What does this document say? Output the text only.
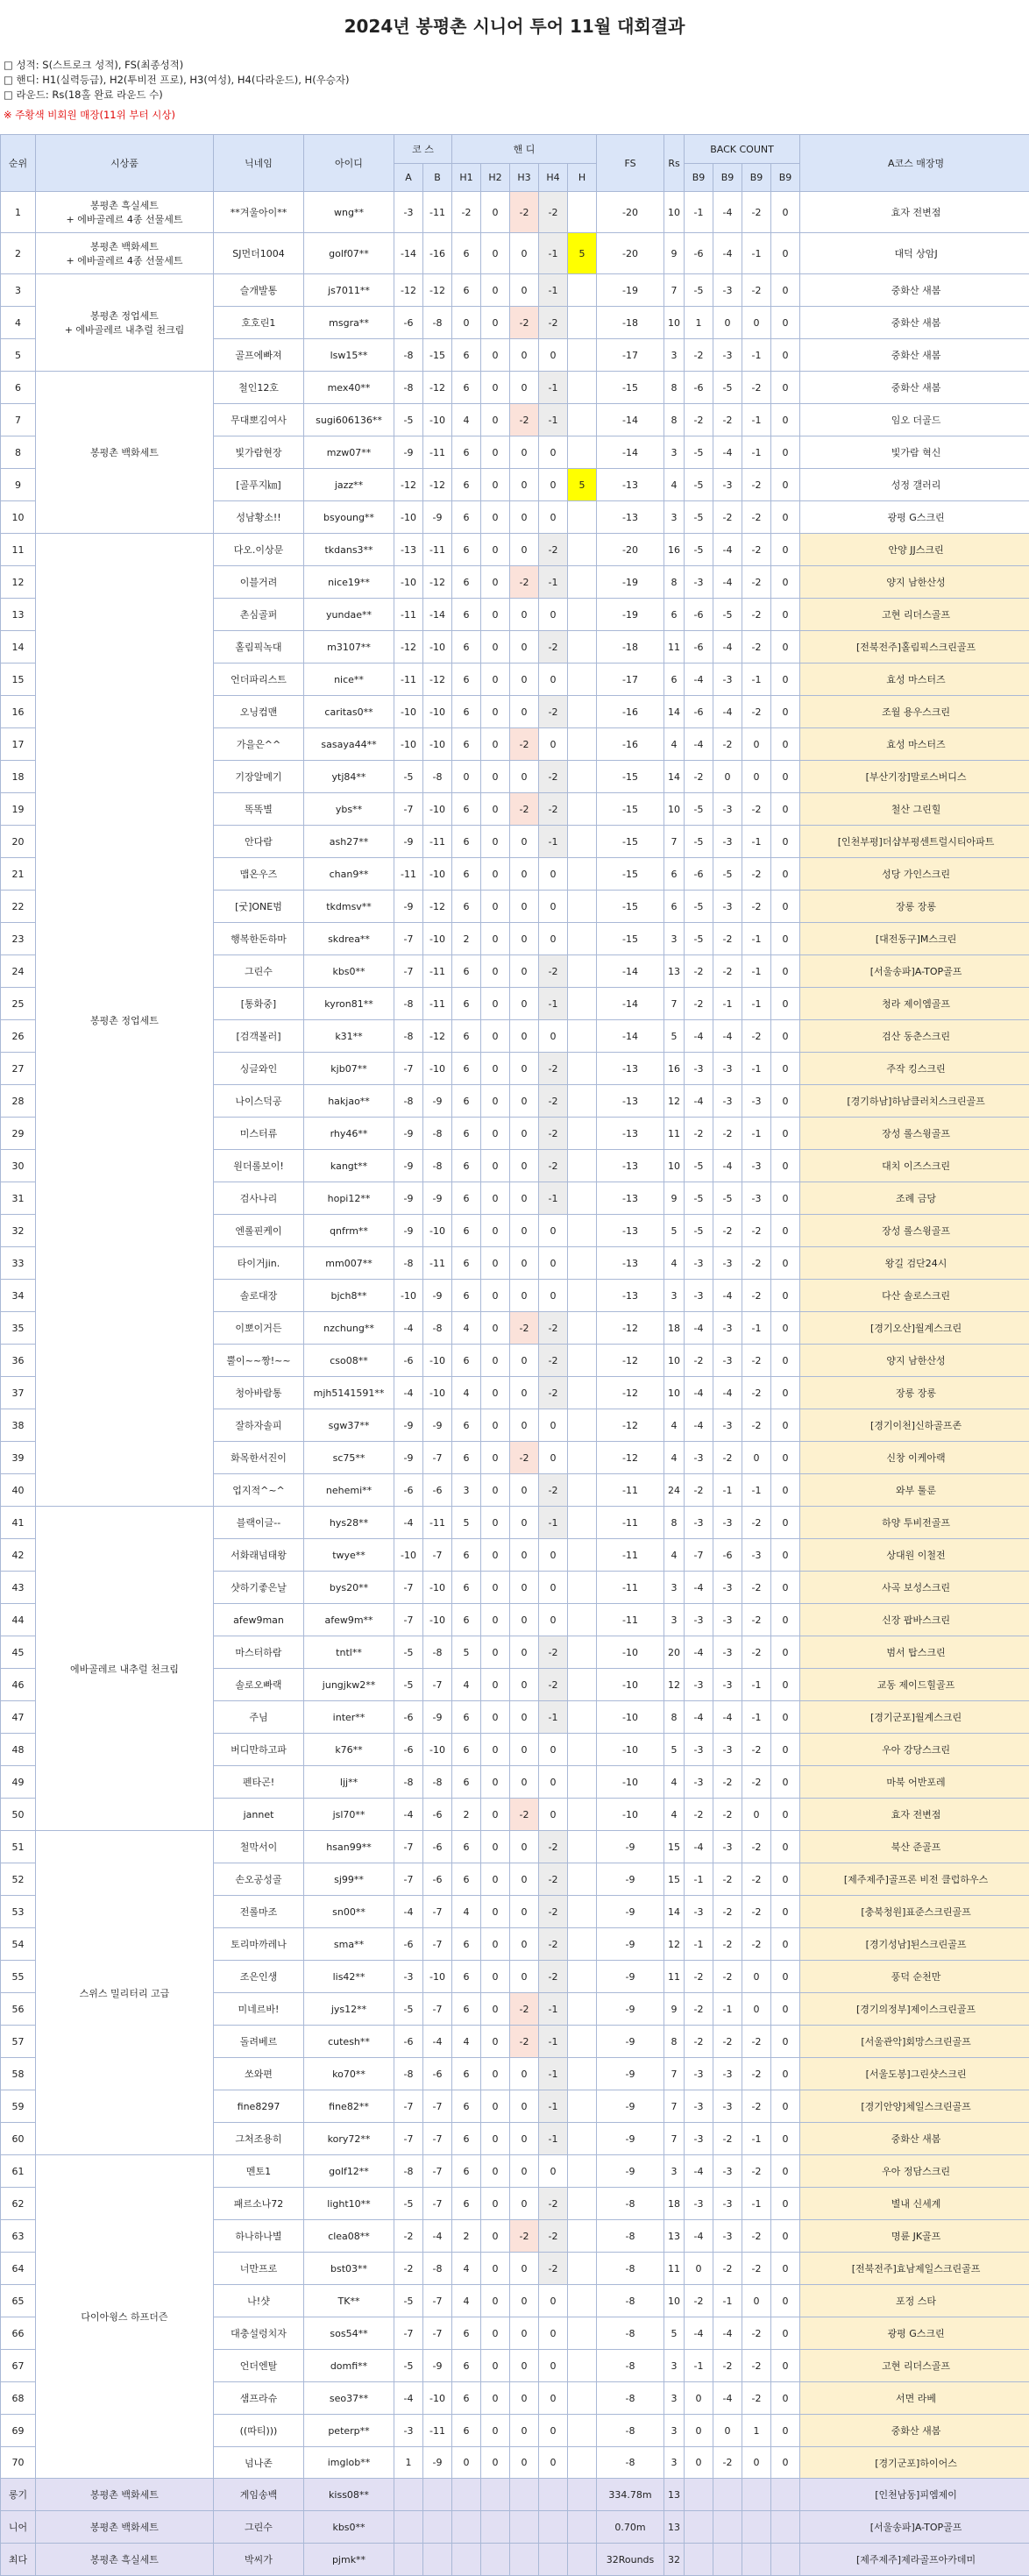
2024년 봉평촌 시니어 투어 11월 대회결과
□ 성적: S(스트로크 성적), FS(최종성적)
□ 핸디: H1(실력등급), H2(투비전 프로), H3(여성), H4(다라운드), H(우승자)
□ 라운드: Rs(18홀 완료 라운드 수)
※ 주황색 비회원 매장(11위 부터 시상)
순위	시상품	닉네임	아이디	코 스		핸 디					FS	Rs	BACK COUNT				A코스 매장명
				A	B	H1	H2	H3	H4	H			B9	B9	B9	B9	
1	봉평촌 흑실세트
+ 에바골레르 4종 선물세트	**겨울아이**	wng**	-3	-11	-2	0	-2	-2		-20	10	-1	-4	-2	0	효자 전변점
2	봉평촌 백화세트
+ 에바골레르 4종 선물세트	SJ먼더1004	golf07**	-14	-16	6	0	0	-1	5	-20	9	-6	-4	-1	0	대덕 상암J
3	봉평촌 정업세트
+ 에바골레르 내추럴 천크림	슬개발통	js7011**	-12	-12	6	0	0	-1		-19	7	-5	-3	-2	0	중화산 새봄
4		호호린1	msgra**	-6	-8	0	0	-2	-2		-18	10	1	0	0	0	중화산 새봄
5		골프에빠져	lsw15**	-8	-15	6	0	0	0		-17	3	-2	-3	-1	0	중화산 새봄
6	봉평촌 백화세트	철인12호	mex40**	-8	-12	6	0	0	-1		-15	8	-6	-5	-2	0	중화산 새봄
7		무대뽀김여사	sugi606136**	-5	-10	4	0	-2	-1		-14	8	-2	-2	-1	0	임오 더골드
8		빛가람현장	mzw07**	-9	-11	6	0	0	0		-14	3	-5	-4	-1	0	빛가람 혁신
9		[골푸지㎞]	jazz**	-12	-12	6	0	0	0	5	-13	4	-5	-3	-2	0	성정 갤러리
10		성남황소!!	bsyoung**	-10	-9	6	0	0	0		-13	3	-5	-2	-2	0	광평 G스크린
11	봉평촌 정업세트	다오.이상문	tkdans3**	-13	-11	6	0	0	-2		-20	16	-5	-4	-2	0	안양 JJ스크린
12		이블거려	nice19**	-10	-12	6	0	-2	-1		-19	8	-3	-4	-2	0	양지 남한산성
13		촌심골퍼	yundae**	-11	-14	6	0	0	0		-19	6	-6	-5	-2	0	고현 리더스골프
14		홀림픽녹대	m3107**	-12	-10	6	0	0	-2		-18	11	-6	-4	-2	0	[전북전주]홀림픽스크린골프
15		언더파리스트	nice**	-11	-12	6	0	0	0		-17	6	-4	-3	-1	0	효성 마스터즈
16		오닝컴맨	caritas0**	-10	-10	6	0	0	-2		-16	14	-6	-4	-2	0	조월 용우스크린
17		가을은^^	sasaya44**	-10	-10	6	0	-2	0		-16	4	-4	-2	0	0	효성 마스터즈
18		기장알메기	ytj84**	-5	-8	0	0	0	-2		-15	14	-2	0	0	0	[부산기장]말로스버디스
19		똑똑별	ybs**	-7	-10	6	0	-2	-2		-15	10	-5	-3	-2	0	철산 그린힐
20		안다람	ash27**	-9	-11	6	0	0	-1		-15	7	-5	-3	-1	0	[인천부평]더샵부평센트럴시티아파트
21		맵온우즈	chan9**	-11	-10	6	0	0	0		-15	6	-6	-5	-2	0	성당 가인스크린
22		[굿]ONE범	tkdmsv**	-9	-12	6	0	0	0		-15	6	-5	-3	-2	0	장롱 장롱
23		행복한돈하마	skdrea**	-7	-10	2	0	0	0		-15	3	-5	-2	-1	0	[대전동구]M스크린
24		그린수	kbs0**	-7	-11	6	0	0	-2		-14	13	-2	-2	-1	0	[서울송파]A-TOP골프
25		[통화중]	kyron81**	-8	-11	6	0	0	-1		-14	7	-2	-1	-1	0	청라 제이엠골프
26		[검객볼러]	k31**	-8	-12	6	0	0	0		-14	5	-4	-4	-2	0	검산 동춘스크린
27		싱글와인	kjb07**	-7	-10	6	0	0	-2		-13	16	-3	-3	-1	0	주작 킹스크린
28		나이스덕공	hakjao**	-8	-9	6	0	0	-2		-13	12	-4	-3	-3	0	[경기하남]하남클러치스크린골프
29		미스터류	rhy46**	-9	-8	6	0	0	-2		-13	11	-2	-2	-1	0	장성 롤스윙골프
30		원더롤보이!	kangt**	-9	-8	6	0	0	-2		-13	10	-5	-4	-3	0	대치 이즈스크린
31		검사나리	hopi12**	-9	-9	6	0	0	-1		-13	9	-5	-5	-3	0	조례 금당
32		엔롤핀케이	qnfrm**	-9	-10	6	0	0	0		-13	5	-5	-2	-2	0	장성 롤스윙골프
33		타이거jin.	mm007**	-8	-11	6	0	0	0		-13	4	-3	-3	-2	0	왕길 검단24시
34		솔로대장	bjch8**	-10	-9	6	0	0	0		-13	3	-3	-4	-2	0	다산 솔로스크린
35		이뽀이거든	nzchung**	-4	-8	4	0	-2	-2		-12	18	-4	-3	-1	0	[경기오산]월계스크린
36		뿔이~~짱!~~	cso08**	-6	-10	6	0	0	-2		-12	10	-2	-3	-2	0	양지 남한산성
37		청아바람통	mjh5141591**	-4	-10	4	0	0	-2		-12	10	-4	-4	-2	0	장롱 장롱
38		잘하자솔피	sgw37**	-9	-9	6	0	0	0		-12	4	-4	-3	-2	0	[경기이천]신하골프존
39		화목한서진이	sc75**	-9	-7	6	0	-2	0		-12	4	-3	-2	0	0	신창 이케아랙
40		업지적^~^	nehemi**	-6	-6	3	0	0	-2		-11	24	-2	-1	-1	0	와부 툴룬
41	에바골레르 내추럴 천크림	블랙이글--	hys28**	-4	-11	5	0	0	-1		-11	8	-3	-3	-2	0	하양 투비전골프
42		서화래넘태왕	twye**	-10	-7	6	0	0	0		-11	4	-7	-6	-3	0	상대원 이철전
43		샷하기좋은날	bys20**	-7	-10	6	0	0	0		-11	3	-4	-3	-2	0	사곡 보성스크린
44		afew9man	afew9m**	-7	-10	6	0	0	0		-11	3	-3	-3	-2	0	신장 팝바스크린
45		마스터하람	tntl**	-5	-8	5	0	0	-2		-10	20	-4	-3	-2	0	범서 탑스크린
46		솔로오빠랙	jungjkw2**	-5	-7	4	0	0	-2		-10	12	-3	-3	-1	0	교동 제이드힐골프
47		주님	inter**	-6	-9	6	0	0	-1		-10	8	-4	-4	-1	0	[경기군포]월계스크린
48		버디만하고파	k76**	-6	-10	6	0	0	0		-10	5	-3	-3	-2	0	우아 강당스크린
49		펜타곤!	ljj**	-8	-8	6	0	0	0		-10	4	-3	-2	-2	0	마북 어반포레
50		jannet	jsl70**	-4	-6	2	0	-2	0		-10	4	-2	-2	0	0	효자 전변점
51	스위스 밀리터리 고급	철막서이	hsan99**	-7	-6	6	0	0	-2		-9	15	-4	-3	-2	0	북산 준골프
52		손오공성골	sj99**	-7	-6	6	0	0	-2		-9	15	-1	-2	-2	0	[제주제주]골프론 비전 클럽하우스
53		전롤마조	sn00**	-4	-7	4	0	0	-2		-9	14	-3	-2	-2	0	[충북청원]표준스크린골프
54		토리마까레나	sma**	-6	-7	6	0	0	-2		-9	12	-1	-2	-2	0	[경기성남]된스크린골프
55		조은인생	lis42**	-3	-10	6	0	0	-2		-9	11	-2	-2	0	0	풍덕 순천만
56		미네르바!	jys12**	-5	-7	6	0	-2	-1		-9	9	-2	-1	0	0	[경기의정부]제이스크린골프
57		돌려베르	cutesh**	-6	-4	4	0	-2	-1		-9	8	-2	-2	-2	0	[서울관악]회망스크린골프
58		쏘와편	ko70**	-8	-6	6	0	0	-1		-9	7	-3	-3	-2	0	[서울도봉]그린샷스크린
59		fine8297	fine82**	-7	-7	6	0	0	-1		-9	7	-3	-3	-2	0	[경기안양]체일스크린골프
60		그처조용히	kory72**	-7	-7	6	0	0	-1		-9	7	-3	-2	-1	0	중화산 새봄
61	다이아윙스 하프더즌	멘토1	golf12**	-8	-7	6	0	0	0		-9	3	-4	-3	-2	0	우아 정담스크린
62		패르소나72	light10**	-5	-7	6	0	0	-2		-8	18	-3	-3	-1	0	별내 신세계
63		하나하나별	clea08**	-2	-4	2	0	-2	-2		-8	13	-4	-3	-2	0	명륜 JK골프
64		너만프로	bst03**	-2	-8	4	0	0	-2		-8	11	0	-2	-2	0	[전북전주]효남제일스크린골프
65		나!샷	TK**	-5	-7	4	0	0	0		-8	10	-2	-1	0	0	포정 스타
66		대충설렁치자	sos54**	-7	-7	6	0	0	0		-8	5	-4	-4	-2	0	광평 G스크린
67		언더엔탈	domfi**	-5	-9	6	0	0	0		-8	3	-1	-2	-2	0	고현 리더스골프
68		샘프라슈	seo37**	-4	-10	6	0	0	0		-8	3	0	-4	-2	0	서면 라베
69		((따티)))	peterp**	-3	-11	6	0	0	0		-8	3	0	0	1	0	중화산 새봄
70		넘나존	imglob**	1	-9	0	0	0	0		-8	3	0	-2	0	0	[경기군포]하이어스
롱기	봉평촌 백화세트	게임송백	kiss08**								334.78m	13					[인천남동]피엠제이
니어	봉평촌 백화세트	그린수	kbs0**								0.70m	13					[서울송파]A-TOP골프
최다	봉평촌 흑실세트	박씨가	pjmk**								32Rounds	32					[제주제주]제라골프아카데미
